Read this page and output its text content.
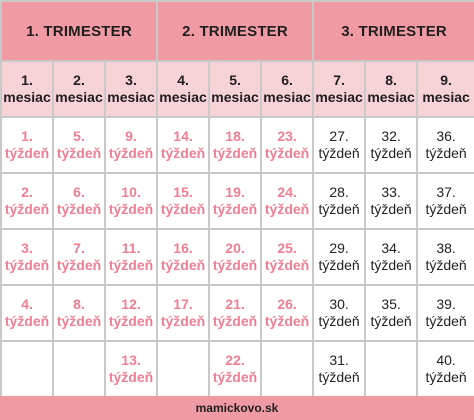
1. TRIMESTER			2. TRIMESTER			3. TRIMESTER		

1.
mesiac	2.
mesiac	3.
mesiac	4.
mesiac	5.
mesiac	6.
mesiac	7.
mesiac	8.
mesiac	9.
mesiac

1.
týždeň	5.
týždeň	9.
týždeň	14.
týždeň	18.
týždeň	23.
týždeň	27.
týždeň	32.
týždeň	36.
týždeň

2.
týždeň	6.
týždeň	10.
týždeň	15.
týždeň	19.
týždeň	24.
týždeň	28.
týždeň	33.
týždeň	37.
týždeň

3.
týždeň	7.
týždeň	11.
týždeň	16.
týždeň	20.
týždeň	25.
týždeň	29.
týždeň	34.
týždeň	38.
týždeň

4.
týždeň	8.
týždeň	12.
týždeň	17.
týždeň	21.
týždeň	26.
týždeň	30.
týždeň	35.
týždeň	39.
týždeň

		13.
týždeň		22.
týždeň		31.
týždeň		40.
týždeň
mamickovo.sk
